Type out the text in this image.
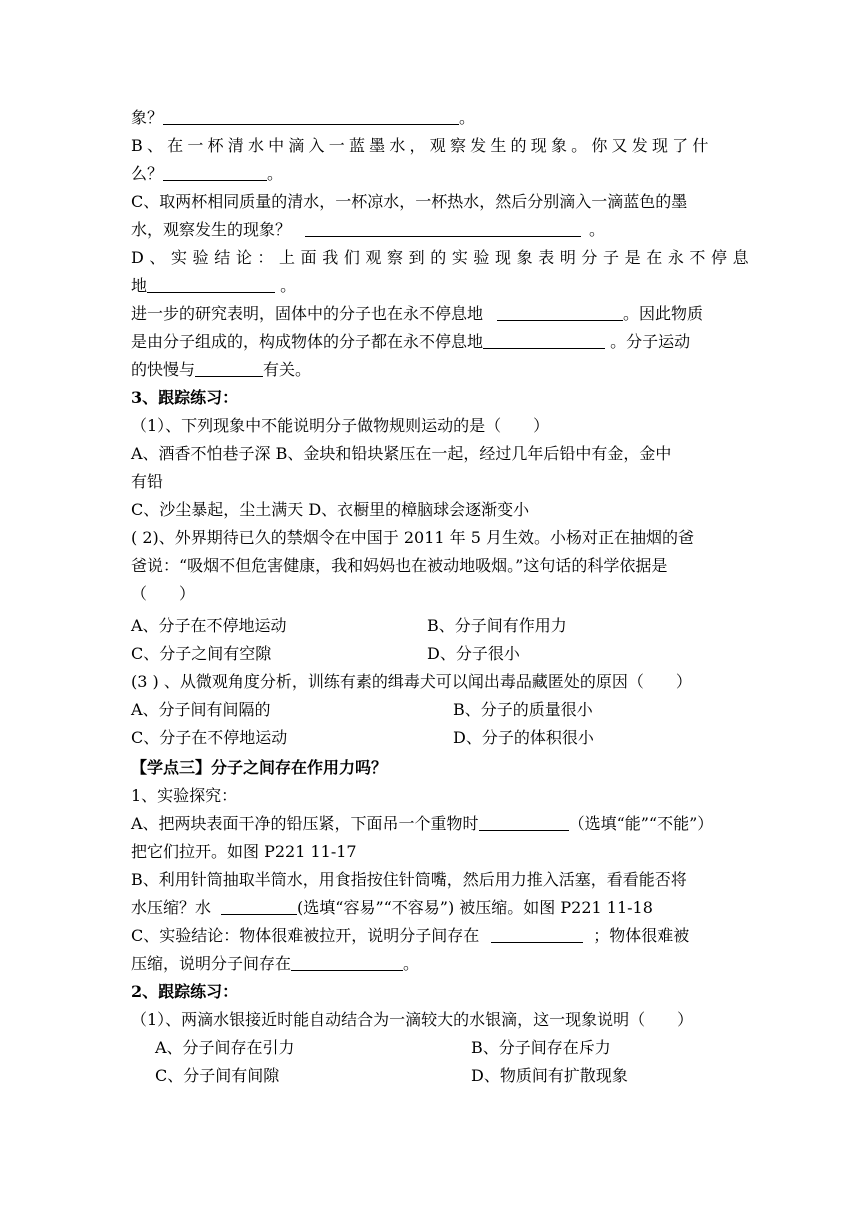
象？	。
B、在一杯清水中滴入一蓝墨水，观察发生的现象。你又发现了什
么？	。
C、取两杯相同质量的清水，一杯凉水，一杯热水，然后分别滴入一滴蓝色的墨
水，观察发生的现象？	。
D、实验结论：上面我们观察到的实验现象表明分子是在永不停息
地	。
进一步的研究表明，固体中的分子也在永不停息地	。因此物质
是由分子组成的，构成物体的分子都在永不停息地	。分子运动
的快慢与	有关。
3、跟踪练习：
（1）、下列现象中不能说明分子做物规则运动的是（　　）
A、酒香不怕巷子深 B、金块和铅块紧压在一起，经过几年后铅中有金，金中
有铅
C、沙尘暴起，尘土满天 D、衣橱里的樟脑球会逐渐变小
( 2)、外界期待已久的禁烟令在中国于 2011 年 5 月生效。小杨对正在抽烟的爸
爸说：“吸烟不但危害健康，我和妈妈也在被动地吸烟。”这句话的科学依据是
（　　）
A、分子在不停地运动	B、分子间有作用力
C、分子之间有空隙	D、分子很小
(3 ) 、从微观角度分析，训练有素的缉毒犬可以闻出毒品藏匿处的原因（　　）
A、分子间有间隔的	B、分子的质量很小
C、分子在不停地运动	D、分子的体积很小
【学点三】分子之间存在作用力吗？
1、实验探究：
A、把两块表面干净的铅压紧，下面吊一个重物时	（选填“能”“不能”）
把它们拉开。如图 P221 11-17
B、利用针筒抽取半筒水，用食指按住针筒嘴，然后用力推入活塞，看看能否将
水压缩？水	(选填“容易”“不容易”) 被压缩。如图 P221 11-18
C、实验结论：物体很难被拉开，说明分子间存在	；物体很难被
压缩，说明分子间存在	。
2、跟踪练习：
（1）、两滴水银接近时能自动结合为一滴较大的水银滴，这一现象说明（　　）
A、分子间存在引力	B、分子间存在斥力
C、分子间有间隙	D、物质间有扩散现象
